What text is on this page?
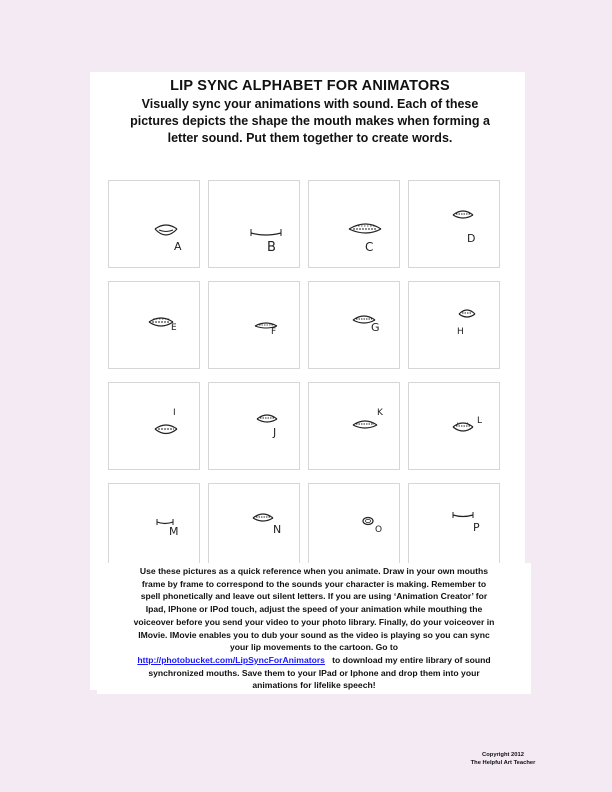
LIP SYNC ALPHABET FOR ANIMATORS

Visually sync your animations with sound. Each of these
pictures depicts the shape the mouth makes when forming a
letter sound. Put them together to create words.

A	B	C
D
E	F	G	H
I
J
K
L
M	N	O	P
Use these pictures as a quick reference when you animate. Draw in your own mouths
frame by frame to correspond to the sounds your character is making. Remember to
spell phonetically and leave out silent letters. If you are using ‘Animation Creator’ for
Ipad, IPhone or IPod touch, adjust the speed of your animation while mouthing the
voiceover before you send your video to your photo library. Finally, do your voiceover in
IMovie. IMovie enables you to dub your sound as the video is playing so you can sync
your lip movements to the cartoon. Go to
http://photobucket.com/LipSyncForAnimators to download my entire library of sound
synchronized mouths. Save them to your IPad or Iphone and drop them into your
animations for lifelike speech!
Copyright 2012
The Helpful Art Teacher
